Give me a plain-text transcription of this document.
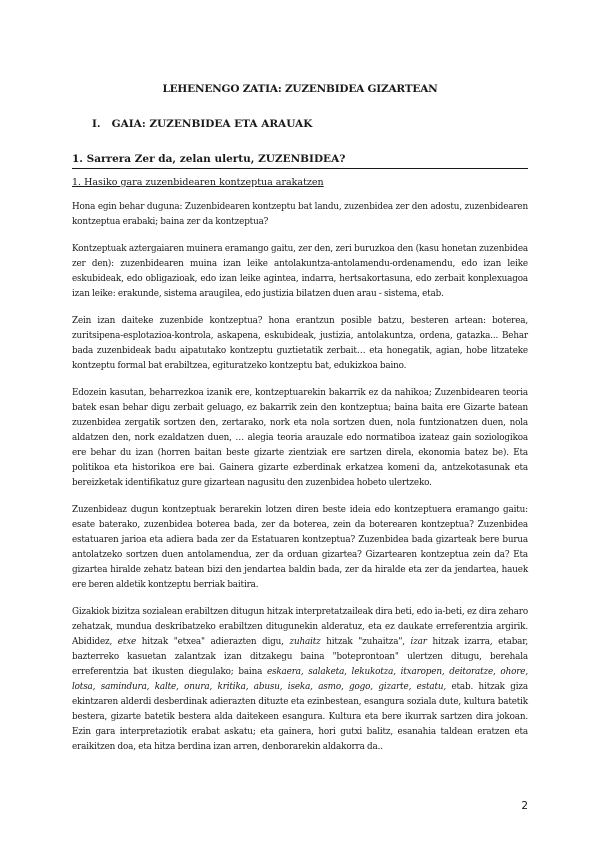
LEHENENGO ZATIA: ZUZENBIDEA GIZARTEAN
I. GAIA: ZUZENBIDEA ETA ARAUAK
1. Sarrera Zer da, zelan ulertu, ZUZENBIDEA?
1. Hasiko gara zuzenbidearen kontzeptua arakatzen

Hona egin behar duguna: Zuzenbidearen kontzeptu bat landu, zuzenbidea zer den adostu, zuzenbidearen kontzeptua erabaki; baina zer da kontzeptua?

Kontzeptuak aztergaiaren muinera eramango gaitu, zer den, zeri buruzkoa den (kasu honetan zuzenbidea zer den): zuzenbidearen muina izan leike antolakuntza-antolamendu-ordenamendu, edo izan leike eskubideak, edo obligazioak, edo izan leike agintea, indarra, hertsakortasuna, edo zerbait konplexuagoa izan leike: erakunde, sistema araugilea, edo justizia bilatzen duen arau - sistema, etab.

Zein izan daiteke zuzenbide kontzeptua? hona erantzun posible batzu, besteren artean: boterea, zuritsipena-esplotazioa-kontrola, askapena, eskubideak, justizia, antolakuntza, ordena, gatazka... Behar bada zuzenbideak badu aipatutako kontzeptu guztietatik zerbait… eta honegatik, agian, hobe litzateke kontzeptu formal bat erabiltzea, egituratzeko kontzeptu bat, edukizkoa baino.

Edozein kasutan, beharrezkoa izanik ere, kontzeptuarekin bakarrik ez da nahikoa; Zuzenbidearen teoria batek esan behar digu zerbait geluago, ez bakarrik zein den kontzeptua; baina baita ere Gizarte batean zuzenbidea zergatik sortzen den, zertarako, nork eta nola sortzen duen, nola funtzionatzen duen, nola aldatzen den, nork ezaldatzen duen, … alegia teoria arauzale edo normatiboa izateaz gain soziologikoa ere behar du izan (horren baitan beste gizarte zientziak ere sartzen direla, ekonomia batez be). Eta politikoa eta historikoa ere bai. Gainera gizarte ezberdinak erkatzea komeni da, antzekotasunak eta bereizketak identifikatuz gure gizartean nagusitu den zuzenbidea hobeto ulertzeko.

Zuzenbideaz dugun kontzeptuak berarekin lotzen diren beste ideia edo kontzeptuera eramango gaitu: esate baterako, zuzenbidea boterea bada, zer da boterea, zein da boterearen kontzeptua? Zuzenbidea estatuaren jarioa eta adiera bada zer da Estatuaren kontzeptua? Zuzenbidea bada gizarteak bere burua antolatzeko sortzen duen antolamendua, zer da orduan gizartea? Gizartearen kontzeptua zein da? Eta gizartea hiralde zehatz batean bizi den jendartea baldin bada, zer da hiralde eta zer da jendartea, hauek ere beren aldetik kontzeptu berriak baitira.

Gizakiok bizitza sozialean erabiltzen ditugun hitzak interpretatzaileak dira beti, edo ia-beti, ez dira zeharo zehatzak, mundua deskribatzeko erabiltzen ditugunekin alderatuz, eta ez daukate erreferentzia argirik. Abididez, etxe hitzak "etxea" adierazten digu, zuhaitz hitzak "zuhaitza", izar hitzak izarra, etabar, bazterreko kasuetan zalantzak izan ditzakegu baina "boteprontoan" ulertzen ditugu, berehala erreferentzia bat ikusten diegulako; baina eskaera, salaketa, lekukotza, itxaropen, deitoratze, ohore, lotsa, samindura, kalte, onura, kritika, abusu, iseka, asmo, gogo, gizarte, estatu, etab. hitzak giza ekintzaren alderdi desberdinak adierazten dituzte eta ezinbestean, esangura soziala dute, kultura batetik bestera, gizarte batetik bestera alda daitekeen esangura. Kultura eta bere ikurrak sartzen dira jokoan. Ezin gara interpretaziotik erabat askatu; eta gainera, hori gutxi balitz, esanahia taldean eratzen eta eraikitzen doa, eta hitza berdina izan arren, denborarekin aldakorra da..

2
